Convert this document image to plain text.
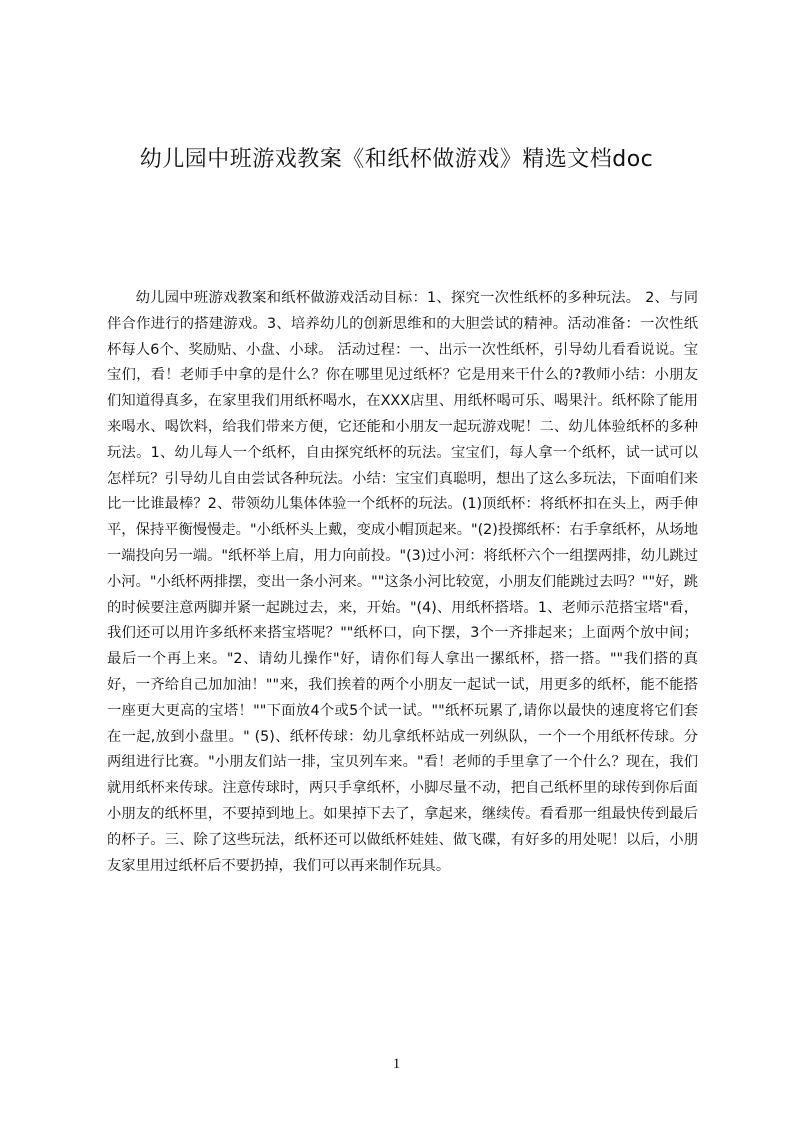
幼儿园中班游戏教案《和纸杯做游戏》精选文档doc

幼儿园中班游戏教案和纸杯做游戏活动目标：1、探究一次性纸杯的多种玩法。 2、与同伴合作进行的搭建游戏。3、培养幼儿的创新思维和的大胆尝试的精神。活动准备：一次性纸杯每人6个、奖励贴、小盘、小球。 活动过程：一、出示一次性纸杯，引导幼儿看看说说。宝宝们，看！老师手中拿的是什么？你在哪里见过纸杯？它是用来干什么的?教师小结：小朋友们知道得真多，在家里我们用纸杯喝水，在XXX店里、用纸杯喝可乐、喝果汁。纸杯除了能用来喝水、喝饮料，给我们带来方便，它还能和小朋友一起玩游戏呢！二、幼儿体验纸杯的多种玩法。1、幼儿每人一个纸杯，自由探究纸杯的玩法。宝宝们，每人拿一个纸杯，试一试可以怎样玩？引导幼儿自由尝试各种玩法。小结：宝宝们真聪明，想出了这么多玩法，下面咱们来比一比谁最棒？2、带领幼儿集体体验一个纸杯的玩法。(1)顶纸杯：将纸杯扣在头上，两手伸平，保持平衡慢慢走。"小纸杯头上戴，变成小帽顶起来。"(2)投掷纸杯：右手拿纸杯，从场地一端投向另一端。"纸杯举上肩，用力向前投。"(3)过小河：将纸杯六个一组摆两排，幼儿跳过小河。"小纸杯两排摆，变出一条小河来。""这条小河比较宽，小朋友们能跳过去吗？""好，跳的时候要注意两脚并紧一起跳过去，来，开始。"(4)、用纸杯搭塔。1、老师示范搭宝塔"看，我们还可以用许多纸杯来搭宝塔呢？""纸杯口，向下摆，3个一齐排起来；上面两个放中间；最后一个再上来。"2、请幼儿操作"好，请你们每人拿出一摞纸杯，搭一搭。""我们搭的真好，一齐给自己加加油！""来，我们挨着的两个小朋友一起试一试，用更多的纸杯，能不能搭一座更大更高的宝塔！""下面放4个或5个试一试。""纸杯玩累了,请你以最快的速度将它们套在一起,放到小盘里。" (5)、纸杯传球：幼儿拿纸杯站成一列纵队，一个一个用纸杯传球。分两组进行比赛。"小朋友们站一排，宝贝列车来。"看！老师的手里拿了一个什么？现在，我们就用纸杯来传球。注意传球时，两只手拿纸杯，小脚尽量不动，把自己纸杯里的球传到你后面小朋友的纸杯里，不要掉到地上。如果掉下去了，拿起来，继续传。看看那一组最快传到最后的杯子。三、除了这些玩法，纸杯还可以做纸杯娃娃、做飞碟，有好多的用处呢！以后，小朋友家里用过纸杯后不要扔掉，我们可以再来制作玩具。

1
